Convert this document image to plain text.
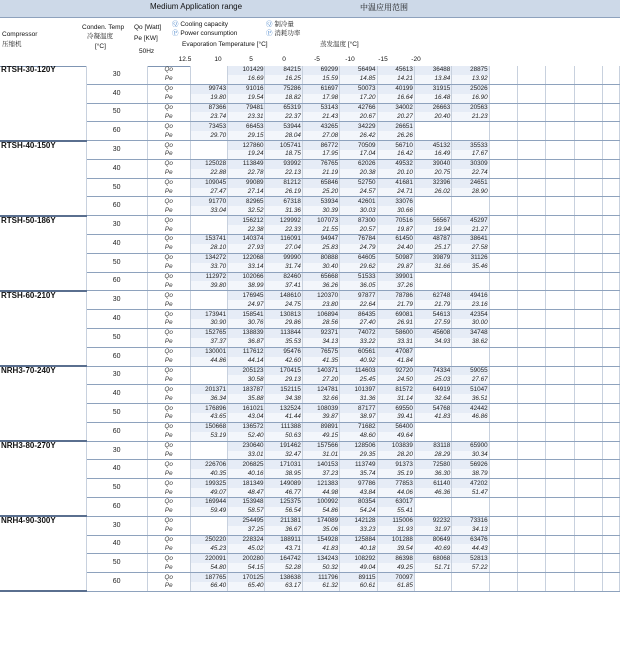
Medium Application range	中温应用范围
Compressor
压缩机
Conden. Temp
冷凝温度
[°C]
Qo [Watt]
Pe [KW]
50Hz
Ⓠ Cooling capacity
Ⓟ Power consumption
Ⓠ 制冷量
Ⓟ 消耗功率
Evaporation Temperature [°C]	蒸发温度 [°C]
12.5	10	5	0	-5	-10	-15	-20
RTSH-30-120Y	30	Qo		101429	84215	69299	56494	45613	36488	28875					
		Pe		16.69	16.25	15.59	14.85	14.21	13.84	13.92					
	40	Qo	99743	91016	75286	61697	50073	40199	31915	25026					
		Pe	19.80	19.54	18.82	17.98	17.20	16.64	16.48	16.90					
	50	Qo	87366	79481	65319	53143	42766	34002	26663	20563					
		Pe	23.74	23.31	22.37	21.43	20.67	20.27	20.40	21.23					
	60	Qo	73453	66453	53944	43265	34229	26651							
		Pe	29.70	29.15	28.04	27.08	26.42	26.26							
RTSH-40-150Y	30	Qo		127860	105741	86772	70509	56710	45132	35533					
		Pe		19.24	18.75	17.95	17.04	16.42	16.49	17.67					
	40	Qo	125028	113849	93992	76765	62026	49532	39040	30309					
		Pe	22.88	22.78	22.13	21.19	20.38	20.10	20.75	22.74					
	50	Qo	109045	99089	81212	65846	52750	41681	32396	24651					
		Pe	27.47	27.14	26.19	25.20	24.57	24.71	26.02	28.90					
	60	Qo	91770	82965	67318	53934	42601	33076							
		Pe	33.04	32.52	31.36	30.39	30.03	30.66							
RTSH-50-186Y	30	Qo		156212	129992	107073	87300	70516	56567	45297					
		Pe		22.38	22.33	21.55	20.57	19.87	19.94	21.27					
	40	Qo	153741	140374	116091	94947	76784	61450	48787	38641					
		Pe	28.10	27.93	27.04	25.83	24.79	24.40	25.17	27.58					
	50	Qo	134272	122068	99990	80888	64605	50987	39879	31126					
		Pe	33.70	33.14	31.74	30.40	29.62	29.87	31.66	35.46					
	60	Qo	112972	102066	82460	65668	51533	39901							
		Pe	39.80	38.99	37.41	36.26	36.05	37.26							
RTSH-60-210Y	30	Qo		176945	148610	120370	97877	78786	62748	49416					
		Pe		24.97	24.75	23.80	22.64	21.79	21.79	23.16					
	40	Qo	173941	158541	130813	106894	86435	69081	54613	42354					
		Pe	30.90	30.76	29.86	28.56	27.40	26.91	27.59	30.00					
	50	Qo	152765	138839	113844	92371	74072	58600	45608	34748					
		Pe	37.37	36.87	35.53	34.13	33.22	33.31	34.93	38.62					
	60	Qo	130001	117612	95476	76575	60561	47087							
		Pe	44.86	44.14	42.60	41.35	40.92	41.84							
NRH3-70-240Y	30	Qo		205123	170415	140371	114603	92720	74334	59055					
		Pe		30.58	29.13	27.20	25.45	24.50	25.03	27.67					
	40	Qo	201371	183787	152115	124781	101397	81572	64919	51047					
		Pe	36.34	35.88	34.38	32.66	31.36	31.14	32.64	36.51					
	50	Qo	176896	161021	132524	108039	87177	69550	54768	42442					
		Pe	43.65	43.04	41.44	39.87	38.97	39.41	41.83	46.86					
	60	Qo	150668	136572	111388	89891	71682	56400							
		Pe	53.19	52.40	50.63	49.15	48.60	49.64							
NRH3-80-270Y	30	Qo		230640	191462	157566	128506	103839	83118	65900					
		Pe		33.01	32.47	31.01	29.35	28.20	28.29	30.34					
	40	Qo	226706	206825	171031	140153	113749	91373	72580	56926					
		Pe	40.35	40.16	38.95	37.23	35.74	35.19	36.30	38.79					
	50	Qo	199325	181349	149089	121383	97786	77853	61140	47202					
		Pe	49.07	48.47	46.77	44.98	43.84	44.06	46.36	51.47					
	60	Qo	169944	153948	125375	100992	80354	63017							
		Pe	59.49	58.57	56.54	54.86	54.24	55.41							
NRH4-90-300Y	30	Qo		254495	211381	174089	142128	115006	92232	73316					
		Pe		37.25	36.67	35.06	33.23	31.93	31.97	34.13					
	40	Qo	250220	228324	188911	154928	125884	101288	80649	63476					
		Pe	45.23	45.02	43.71	41.83	40.18	39.54	40.69	44.43					
	50	Qo	220091	200280	164742	134243	108292	86398	68068	52813					
		Pe	54.80	54.15	52.28	50.32	49.04	49.25	51.71	57.22					
	60	Qo	187765	170125	138638	111796	89115	70097							
		Pe	66.40	65.40	63.17	61.32	60.61	61.85							
